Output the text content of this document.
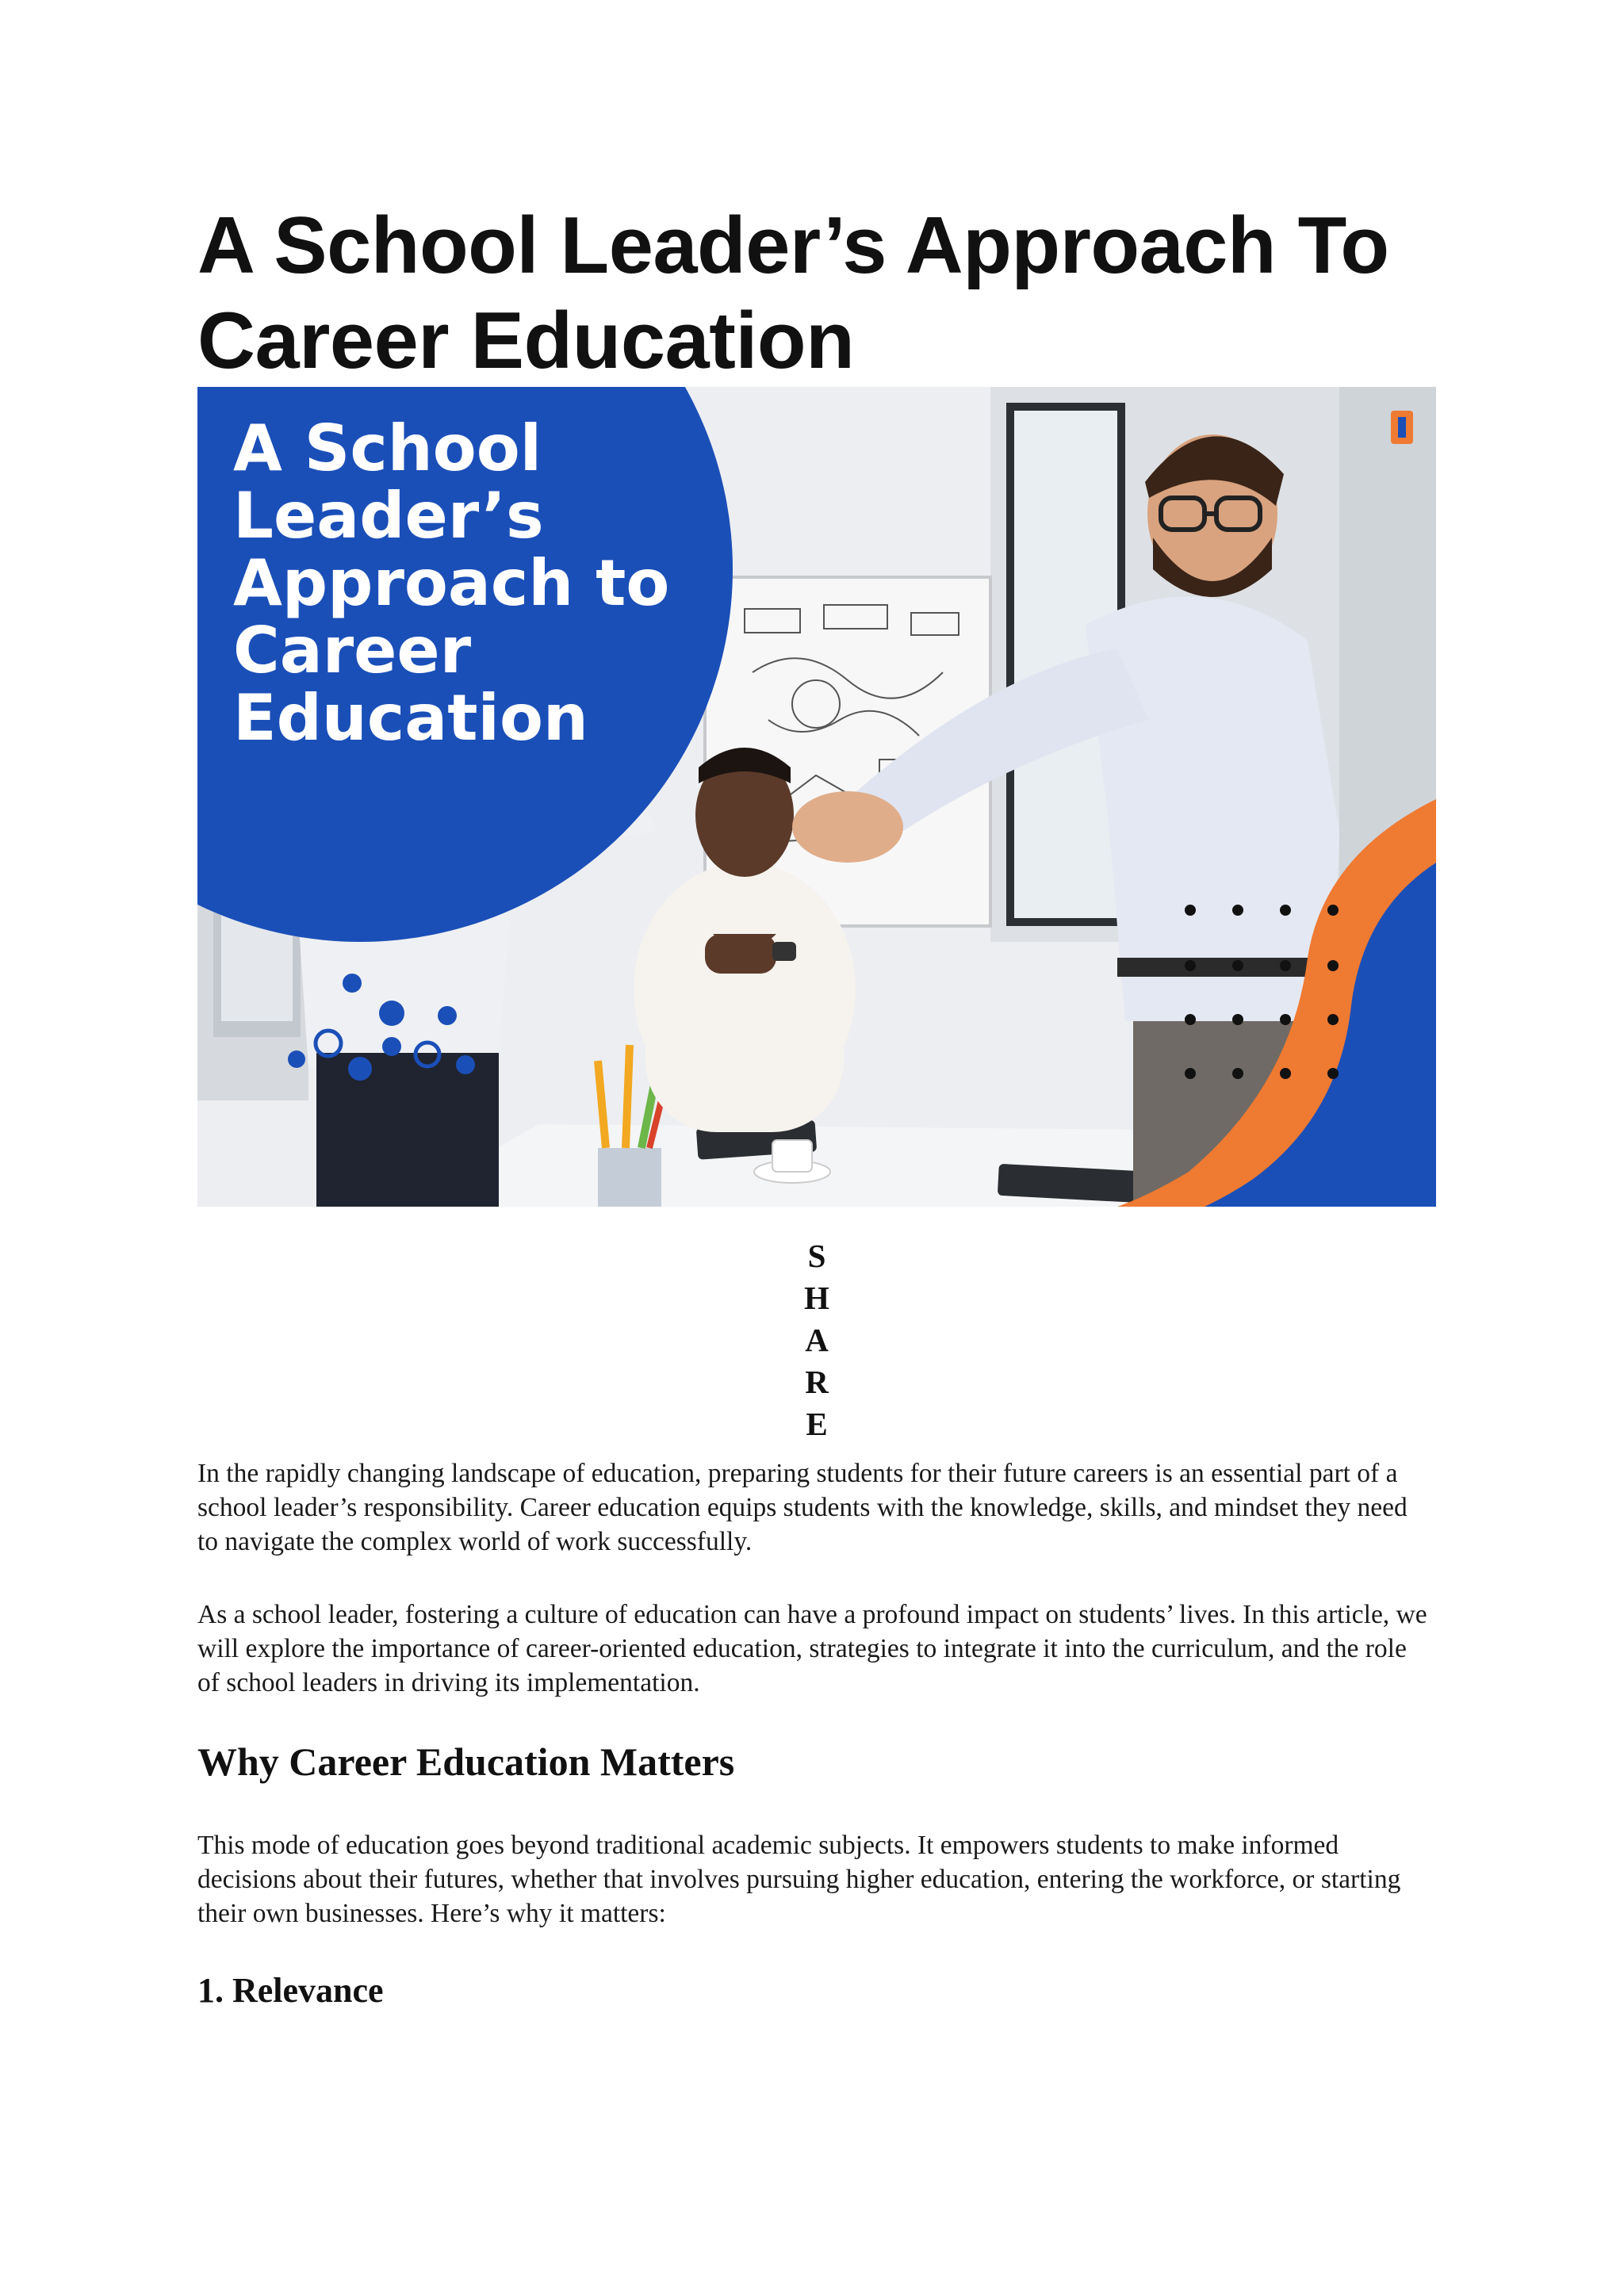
A School Leader’s Approach To Career Education
A School
Leader’s
Approach to
Career
Education
S
H
A
R
E

In the rapidly changing landscape of education, preparing students for their future careers is an essential part of a school leader’s responsibility. Career education equips students with the knowledge, skills, and mindset they need to navigate the complex world of work successfully.

As a school leader, fostering a culture of education can have a profound impact on students’ lives. In this article, we will explore the importance of career-oriented education, strategies to integrate it into the curriculum, and the role of school leaders in driving its implementation.

Why Career Education Matters

This mode of education goes beyond traditional academic subjects. It empowers students to make informed decisions about their futures, whether that involves pursuing higher education, entering the workforce, or starting their own businesses. Here’s why it matters:

1. Relevance
